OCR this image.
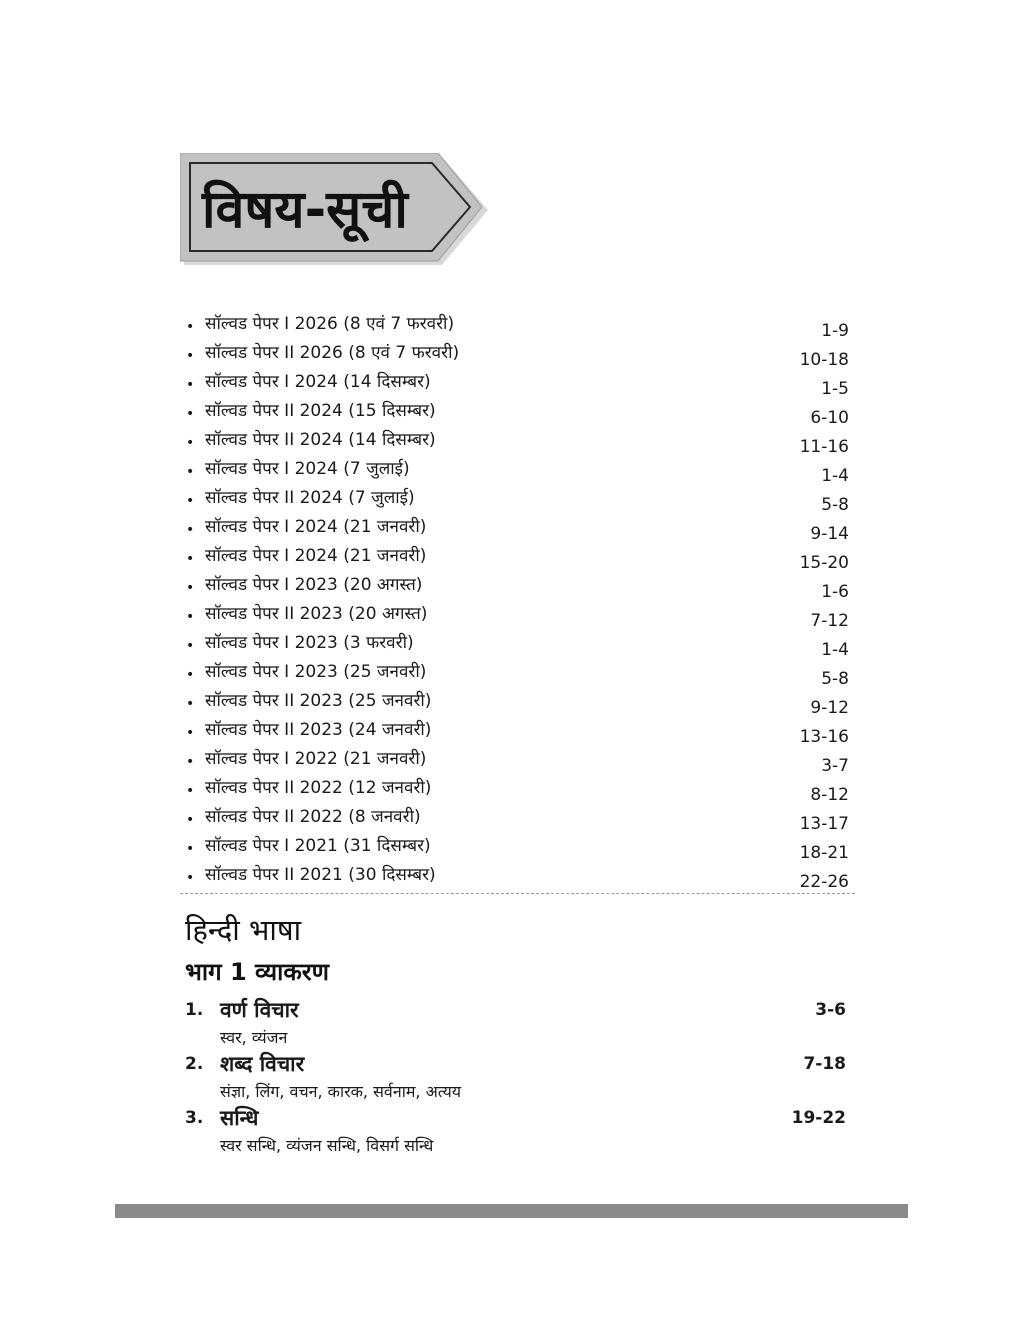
विषय-सूची
• सॉल्वड पेपर I 2026 (8 एवं 7 फरवरी)	1-9
• सॉल्वड पेपर II 2026 (8 एवं 7 फरवरी)	10-18
• सॉल्वड पेपर I 2024 (14 दिसम्बर)	1-5
• सॉल्वड पेपर II 2024 (15 दिसम्बर)	6-10
• सॉल्वड पेपर II 2024 (14 दिसम्बर)	11-16
• सॉल्वड पेपर I 2024 (7 जुलाई)	1-4
• सॉल्वड पेपर II 2024 (7 जुलाई)	5-8
• सॉल्वड पेपर I 2024 (21 जनवरी)	9-14
• सॉल्वड पेपर I 2024 (21 जनवरी)	15-20
• सॉल्वड पेपर I 2023 (20 अगस्त)	1-6
• सॉल्वड पेपर II 2023 (20 अगस्त)	7-12
• सॉल्वड पेपर I 2023 (3 फरवरी)	1-4
• सॉल्वड पेपर I 2023 (25 जनवरी)	5-8
• सॉल्वड पेपर II 2023 (25 जनवरी)	9-12
• सॉल्वड पेपर II 2023 (24 जनवरी)	13-16
• सॉल्वड पेपर I 2022 (21 जनवरी)	3-7
• सॉल्वड पेपर II 2022 (12 जनवरी)	8-12
• सॉल्वड पेपर II 2022 (8 जनवरी)	13-17
• सॉल्वड पेपर I 2021 (31 दिसम्बर)	18-21
• सॉल्वड पेपर II 2021 (30 दिसम्बर)	22-26
हिन्दी भाषा
भाग 1 व्याकरण
1. वर्ण विचार	3-6
स्वर, व्यंजन
2. शब्द विचार	7-18
संज्ञा, लिंग, वचन, कारक, सर्वनाम, अत्यय
3. सन्धि	19-22
स्वर सन्धि, व्यंजन सन्धि, विसर्ग सन्धि
